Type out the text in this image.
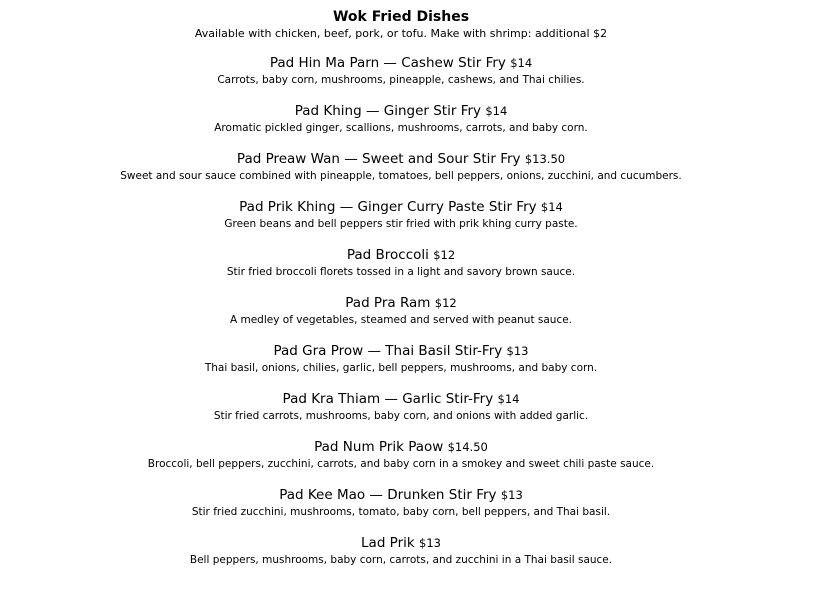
Wok Fried Dishes
Available with chicken, beef, pork, or tofu. Make with shrimp: additional $2
Pad Hin Ma Parn — Cashew Stir Fry $14
Carrots, baby corn, mushrooms, pineapple, cashews, and Thai chilies.
Pad Khing — Ginger Stir Fry $14
Aromatic pickled ginger, scallions, mushrooms, carrots, and baby corn.
Pad Preaw Wan — Sweet and Sour Stir Fry $13.50
Sweet and sour sauce combined with pineapple, tomatoes, bell peppers, onions, zucchini, and cucumbers.
Pad Prik Khing — Ginger Curry Paste Stir Fry $14
Green beans and bell peppers stir fried with prik khing curry paste.
Pad Broccoli $12
Stir fried broccoli florets tossed in a light and savory brown sauce.
Pad Pra Ram $12
A medley of vegetables, steamed and served with peanut sauce.
Pad Gra Prow — Thai Basil Stir-Fry $13
Thai basil, onions, chilies, garlic, bell peppers, mushrooms, and baby corn.
Pad Kra Thiam — Garlic Stir-Fry $14
Stir fried carrots, mushrooms, baby corn, and onions with added garlic.
Pad Num Prik Paow $14.50
Broccoli, bell peppers, zucchini, carrots, and baby corn in a smokey and sweet chili paste sauce.
Pad Kee Mao — Drunken Stir Fry $13
Stir fried zucchini, mushrooms, tomato, baby corn, bell peppers, and Thai basil.
Lad Prik $13
Bell peppers, mushrooms, baby corn, carrots, and zucchini in a Thai basil sauce.
